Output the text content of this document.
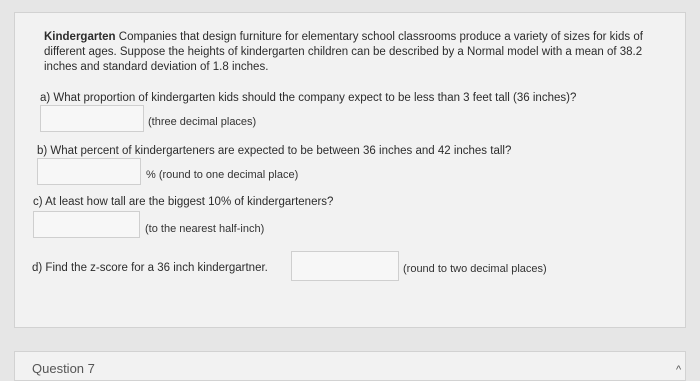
Kindergarten Companies that design furniture for elementary school classrooms produce a variety of sizes for kids of different ages. Suppose the heights of kindergarten children can be described by a Normal model with a mean of 38.2 inches and standard deviation of 1.8 inches.
a) What proportion of kindergarten kids should the company expect to be less than 3 feet tall (36 inches)?
(three decimal places)
b) What percent of kindergarteners are expected to be between 36 inches and 42 inches tall?
% (round to one decimal place)
c) At least how tall are the biggest 10% of kindergarteners?
(to the nearest half-inch)
d) Find the z-score for a 36 inch kindergartner.	(round to two decimal places)
Question 7	^
